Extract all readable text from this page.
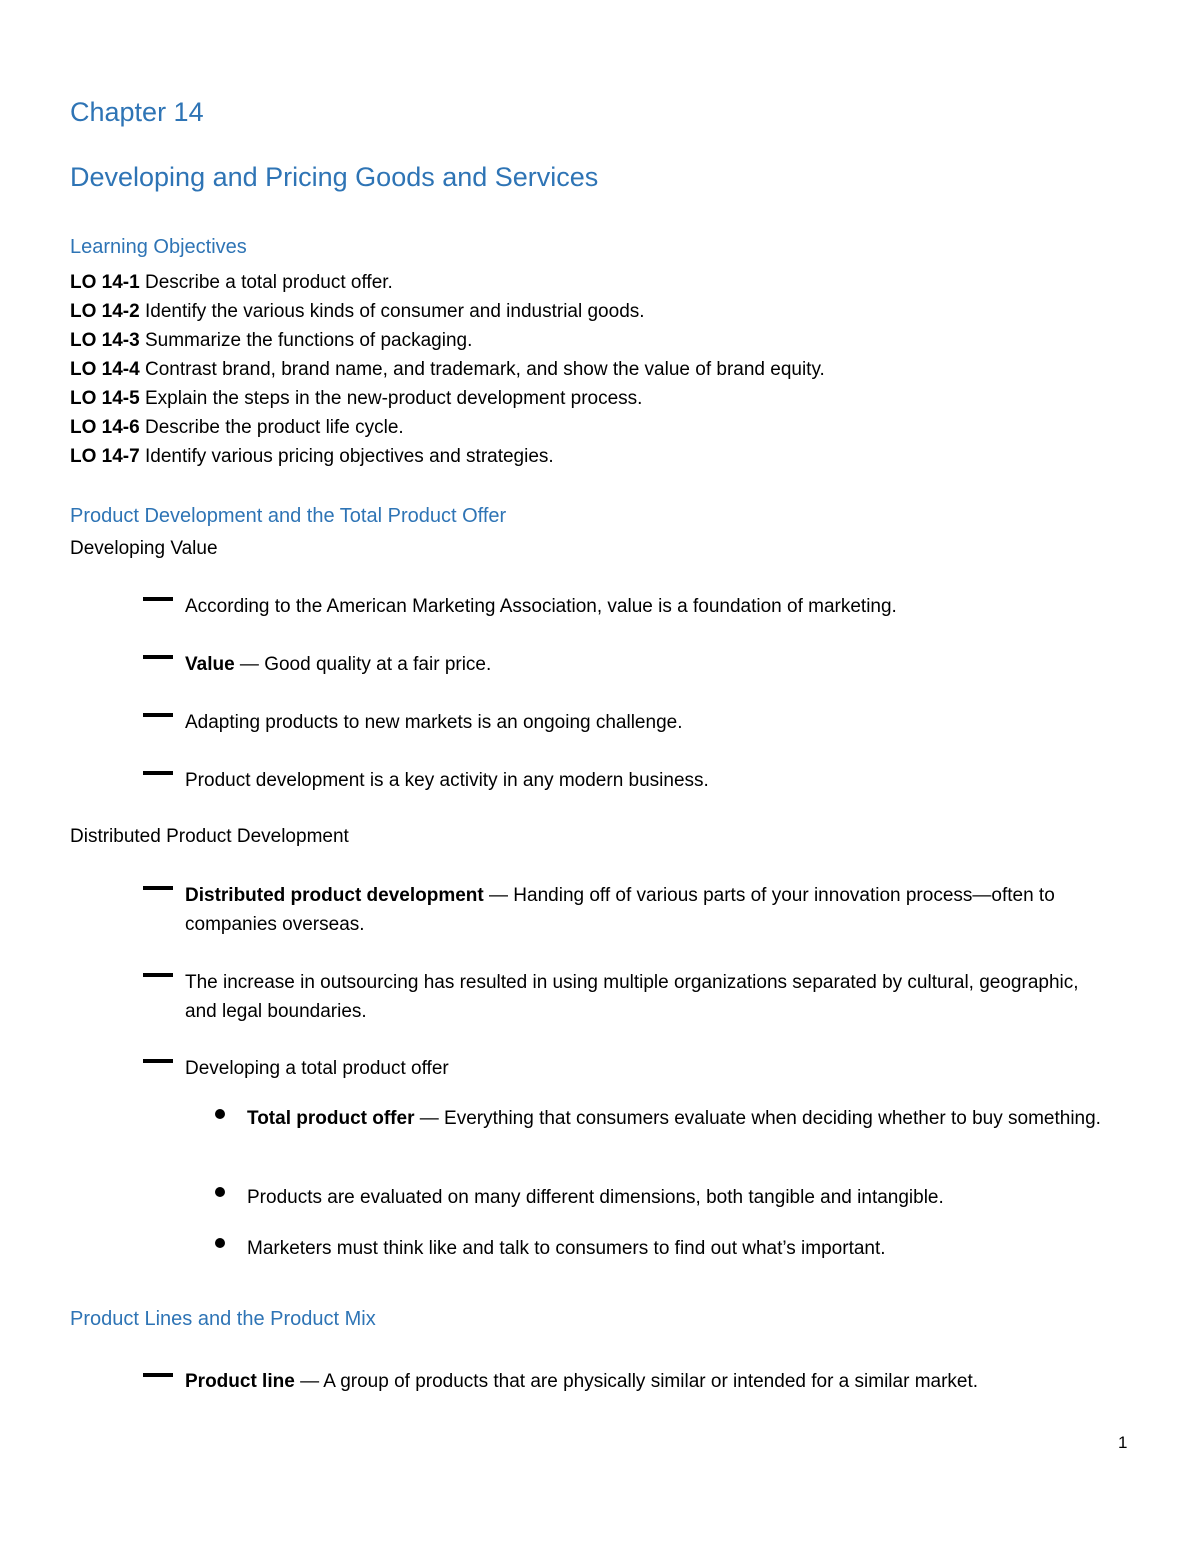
Chapter 14
Developing and Pricing Goods and Services
Learning Objectives
LO 14-1 Describe a total product offer.
LO 14-2 Identify the various kinds of consumer and industrial goods.
LO 14-3 Summarize the functions of packaging.
LO 14-4 Contrast brand, brand name, and trademark, and show the value of brand equity.
LO 14-5 Explain the steps in the new-product development process.
LO 14-6 Describe the product life cycle.
LO 14-7 Identify various pricing objectives and strategies.
Product Development and the Total Product Offer
Developing Value
According to the American Marketing Association, value is a foundation of marketing.
Value — Good quality at a fair price.
Adapting products to new markets is an ongoing challenge.
Product development is a key activity in any modern business.
Distributed Product Development
Distributed product development — Handing off of various parts of your innovation process—often to companies overseas.
The increase in outsourcing has resulted in using multiple organizations separated by cultural, geographic, and legal boundaries.
Developing a total product offer
Total product offer — Everything that consumers evaluate when deciding whether to buy something.
Products are evaluated on many different dimensions, both tangible and intangible.
Marketers must think like and talk to consumers to find out what’s important.
Product Lines and the Product Mix
Product line — A group of products that are physically similar or intended for a similar market.
1
